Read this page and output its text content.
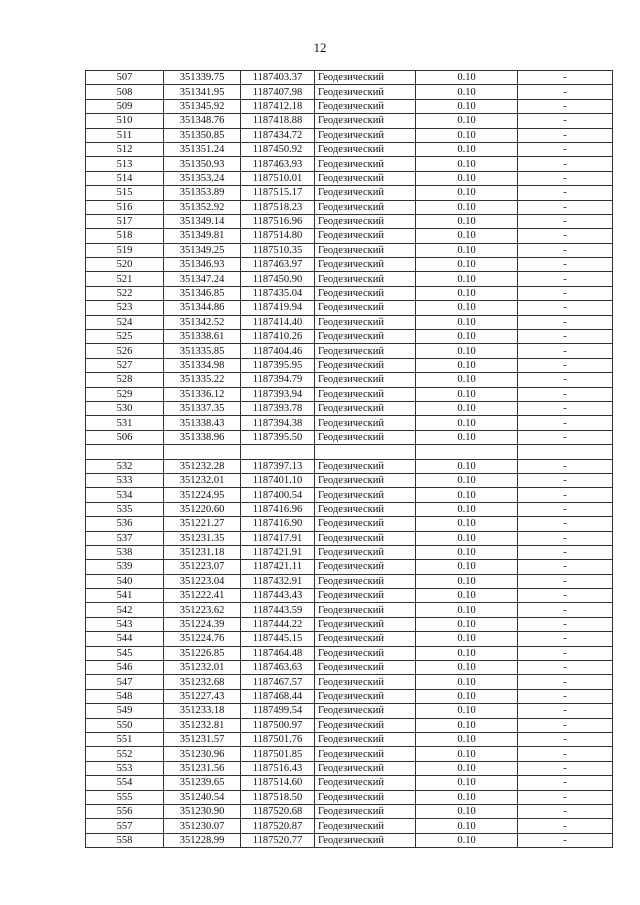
12
507	351339.75	1187403.37	Геодезический	0.10	-
508	351341.95	1187407.98	Геодезический	0.10	-
509	351345.92	1187412.18	Геодезический	0.10	-
510	351348.76	1187418.88	Геодезический	0.10	-
511	351350.85	1187434.72	Геодезический	0.10	-
512	351351.24	1187450.92	Геодезический	0.10	-
513	351350.93	1187463.93	Геодезический	0.10	-
514	351353.24	1187510.01	Геодезический	0.10	-
515	351353.89	1187515.17	Геодезический	0.10	-
516	351352.92	1187518.23	Геодезический	0.10	-
517	351349.14	1187516.96	Геодезический	0.10	-
518	351349.81	1187514.80	Геодезический	0.10	-
519	351349.25	1187510.35	Геодезический	0.10	-
520	351346.93	1187463.97	Геодезический	0.10	-
521	351347.24	1187450.90	Геодезический	0.10	-
522	351346.85	1187435.04	Геодезический	0.10	-
523	351344.86	1187419.94	Геодезический	0.10	-
524	351342.52	1187414.40	Геодезический	0.10	-
525	351338.61	1187410.26	Геодезический	0.10	-
526	351335.85	1187404.46	Геодезический	0.10	-
527	351334.98	1187395.95	Геодезический	0.10	-
528	351335.22	1187394.79	Геодезический	0.10	-
529	351336.12	1187393.94	Геодезический	0.10	-
530	351337.35	1187393.78	Геодезический	0.10	-
531	351338.43	1187394.38	Геодезический	0.10	-
506	351338.96	1187395.50	Геодезический	0.10	-

532	351232.28	1187397.13	Геодезический	0.10	-
533	351232.01	1187401.10	Геодезический	0.10	-
534	351224.95	1187400.54	Геодезический	0.10	-
535	351220.60	1187416.96	Геодезический	0.10	-
536	351221.27	1187416.90	Геодезический	0.10	-
537	351231.35	1187417.91	Геодезический	0.10	-
538	351231.18	1187421.91	Геодезический	0.10	-
539	351223.07	1187421.11	Геодезический	0.10	-
540	351223.04	1187432.91	Геодезический	0.10	-
541	351222.41	1187443.43	Геодезический	0.10	-
542	351223.62	1187443.59	Геодезический	0.10	-
543	351224.39	1187444.22	Геодезический	0.10	-
544	351224.76	1187445.15	Геодезический	0.10	-
545	351226.85	1187464.48	Геодезический	0.10	-
546	351232.01	1187463.63	Геодезический	0.10	-
547	351232.68	1187467.57	Геодезический	0.10	-
548	351227.43	1187468.44	Геодезический	0.10	-
549	351233.18	1187499.54	Геодезический	0.10	-
550	351232.81	1187500.97	Геодезический	0.10	-
551	351231.57	1187501.76	Геодезический	0.10	-
552	351230.96	1187501.85	Геодезический	0.10	-
553	351231.56	1187516.43	Геодезический	0.10	-
554	351239.65	1187514.60	Геодезический	0.10	-
555	351240.54	1187518.50	Геодезический	0.10	-
556	351230.90	1187520.68	Геодезический	0.10	-
557	351230.07	1187520.87	Геодезический	0.10	-
558	351228.99	1187520.77	Геодезический	0.10	-
